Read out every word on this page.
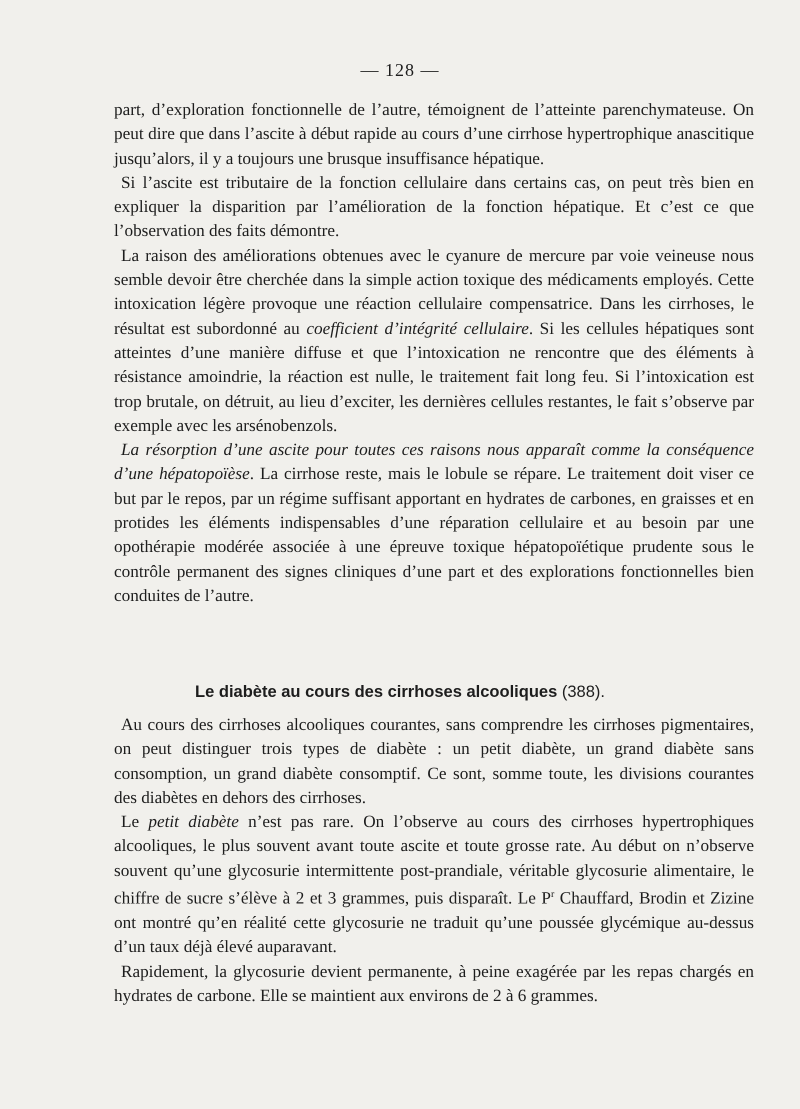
— 128 —

part, d’exploration fonctionnelle de l’autre, témoignent de l’atteinte parenchymateuse. On peut dire que dans l’ascite à début rapide au cours d’une cirrhose hypertrophique anascitique jusqu’alors, il y a toujours une brusque insuffisance hépatique.

Si l’ascite est tributaire de la fonction cellulaire dans certains cas, on peut très bien en expliquer la disparition par l’amélioration de la fonction hépatique. Et c’est ce que l’observation des faits démontre.

La raison des améliorations obtenues avec le cyanure de mercure par voie veineuse nous semble devoir être cherchée dans la simple action toxique des médicaments employés. Cette intoxication légère provoque une réaction cellulaire compensatrice. Dans les cirrhoses, le résultat est subordonné au coefficient d’intégrité cellulaire. Si les cellules hépatiques sont atteintes d’une manière diffuse et que l’intoxication ne rencontre que des éléments à résistance amoindrie, la réaction est nulle, le traitement fait long feu. Si l’intoxication est trop brutale, on détruit, au lieu d’exciter, les dernières cellules restantes, le fait s’observe par exemple avec les arsénobenzols.

La résorption d’une ascite pour toutes ces raisons nous apparaît comme la conséquence d’une hépatopoïèse. La cirrhose reste, mais le lobule se répare. Le traitement doit viser ce but par le repos, par un régime suffisant apportant en hydrates de carbones, en graisses et en protides les éléments indispensables d’une réparation cellulaire et au besoin par une opothérapie modérée associée à une épreuve toxique hépatopoïétique prudente sous le contrôle permanent des signes cliniques d’une part et des explorations fonctionnelles bien conduites de l’autre.

Le diabète au cours des cirrhoses alcooliques (388).

Au cours des cirrhoses alcooliques courantes, sans comprendre les cirrhoses pigmentaires, on peut distinguer trois types de diabète : un petit diabète, un grand diabète sans consomption, un grand diabète consomptif. Ce sont, somme toute, les divisions courantes des diabètes en dehors des cirrhoses.

Le petit diabète n’est pas rare. On l’observe au cours des cirrhoses hypertrophiques alcooliques, le plus souvent avant toute ascite et toute grosse rate. Au début on n’observe souvent qu’une glycosurie intermittente post-prandiale, véritable glycosurie alimentaire, le chiffre de sucre s’élève à 2 et 3 grammes, puis disparaît. Le $P^r$ Chauffard, Brodin et Zizine ont montré qu’en réalité cette glycosurie ne traduit qu’une poussée glycémique au-dessus d’un taux déjà élevé auparavant.

Rapidement, la glycosurie devient permanente, à peine exagérée par les repas chargés en hydrates de carbone. Elle se maintient aux environs de 2 à 6 grammes.
